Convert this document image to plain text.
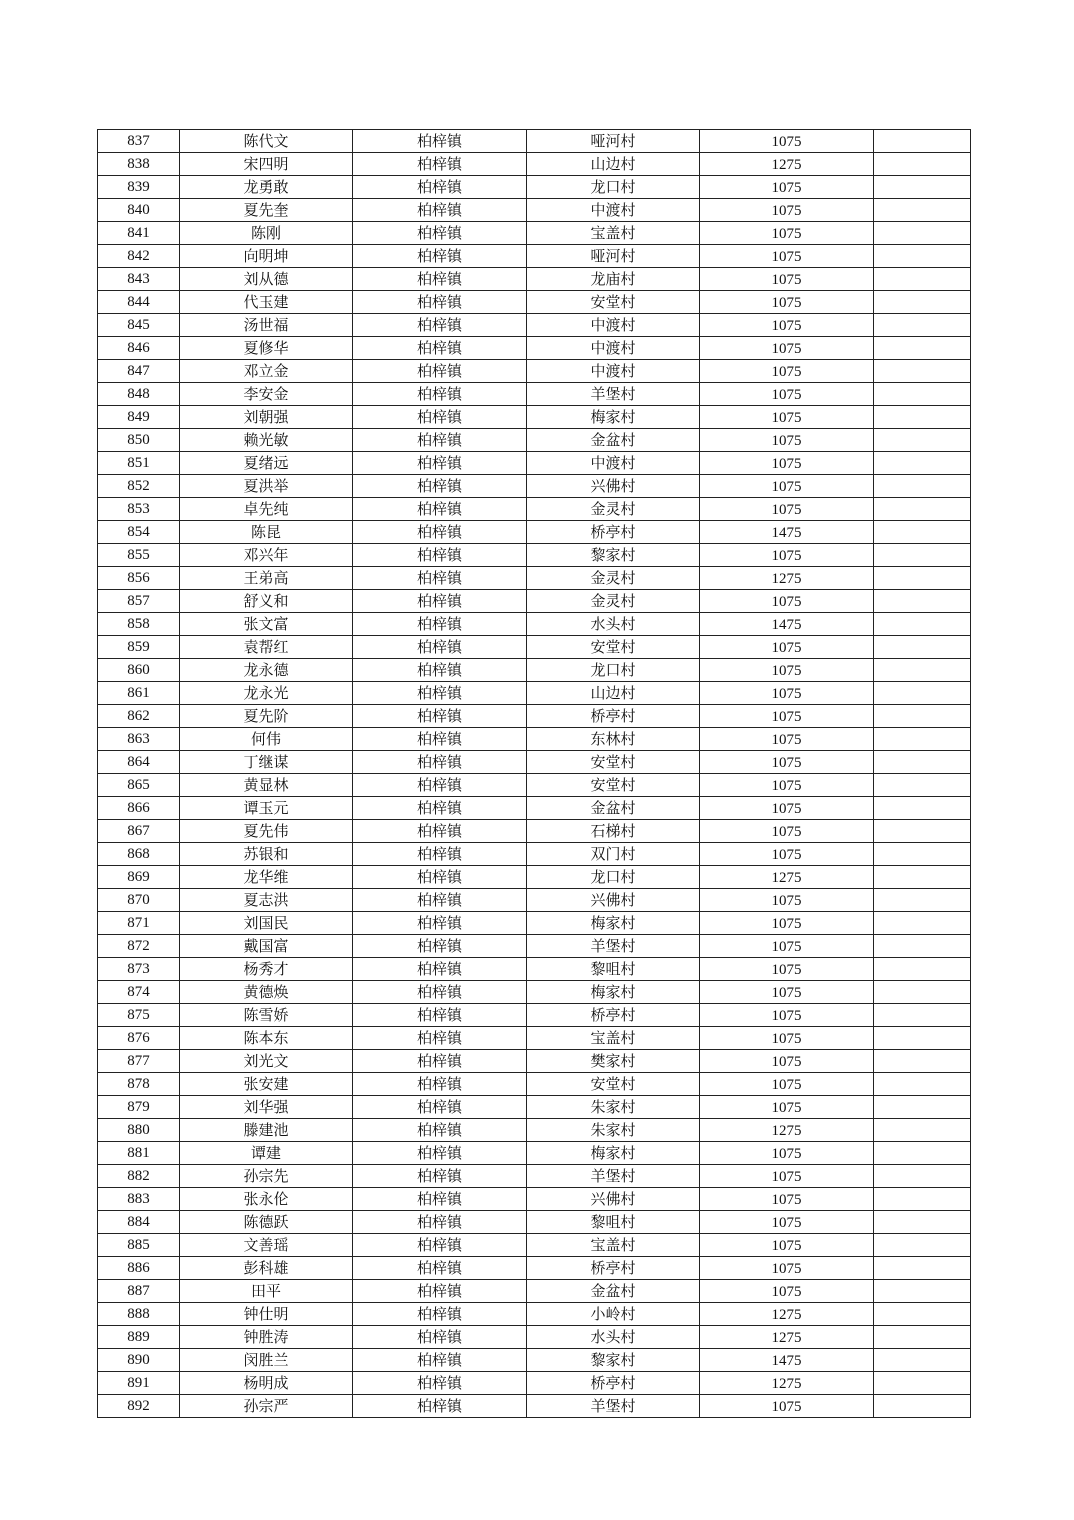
837	陈代文	柏梓镇	哑河村	1075	
838	宋四明	柏梓镇	山边村	1275	
839	龙勇敢	柏梓镇	龙口村	1075	
840	夏先奎	柏梓镇	中渡村	1075	
841	陈刚	柏梓镇	宝盖村	1075	
842	向明坤	柏梓镇	哑河村	1075	
843	刘从德	柏梓镇	龙庙村	1075	
844	代玉建	柏梓镇	安堂村	1075	
845	汤世福	柏梓镇	中渡村	1075	
846	夏修华	柏梓镇	中渡村	1075	
847	邓立金	柏梓镇	中渡村	1075	
848	李安金	柏梓镇	羊堡村	1075	
849	刘朝强	柏梓镇	梅家村	1075	
850	赖光敏	柏梓镇	金盆村	1075	
851	夏绪远	柏梓镇	中渡村	1075	
852	夏洪举	柏梓镇	兴佛村	1075	
853	卓先纯	柏梓镇	金灵村	1075	
854	陈昆	柏梓镇	桥亭村	1475	
855	邓兴年	柏梓镇	黎家村	1075	
856	王弟高	柏梓镇	金灵村	1275	
857	舒义和	柏梓镇	金灵村	1075	
858	张文富	柏梓镇	水头村	1475	
859	袁帮红	柏梓镇	安堂村	1075	
860	龙永德	柏梓镇	龙口村	1075	
861	龙永光	柏梓镇	山边村	1075	
862	夏先阶	柏梓镇	桥亭村	1075	
863	何伟	柏梓镇	东林村	1075	
864	丁继谋	柏梓镇	安堂村	1075	
865	黄显林	柏梓镇	安堂村	1075	
866	谭玉元	柏梓镇	金盆村	1075	
867	夏先伟	柏梓镇	石梯村	1075	
868	苏银和	柏梓镇	双门村	1075	
869	龙华维	柏梓镇	龙口村	1275	
870	夏志洪	柏梓镇	兴佛村	1075	
871	刘国民	柏梓镇	梅家村	1075	
872	戴国富	柏梓镇	羊堡村	1075	
873	杨秀才	柏梓镇	黎咀村	1075	
874	黄德焕	柏梓镇	梅家村	1075	
875	陈雪娇	柏梓镇	桥亭村	1075	
876	陈本东	柏梓镇	宝盖村	1075	
877	刘光文	柏梓镇	樊家村	1075	
878	张安建	柏梓镇	安堂村	1075	
879	刘华强	柏梓镇	朱家村	1075	
880	滕建池	柏梓镇	朱家村	1275	
881	谭建	柏梓镇	梅家村	1075	
882	孙宗先	柏梓镇	羊堡村	1075	
883	张永伦	柏梓镇	兴佛村	1075	
884	陈德跃	柏梓镇	黎咀村	1075	
885	文善瑶	柏梓镇	宝盖村	1075	
886	彭科雄	柏梓镇	桥亭村	1075	
887	田平	柏梓镇	金盆村	1075	
888	钟仕明	柏梓镇	小岭村	1275	
889	钟胜涛	柏梓镇	水头村	1275	
890	闵胜兰	柏梓镇	黎家村	1475	
891	杨明成	柏梓镇	桥亭村	1275	
892	孙宗严	柏梓镇	羊堡村	1075	
